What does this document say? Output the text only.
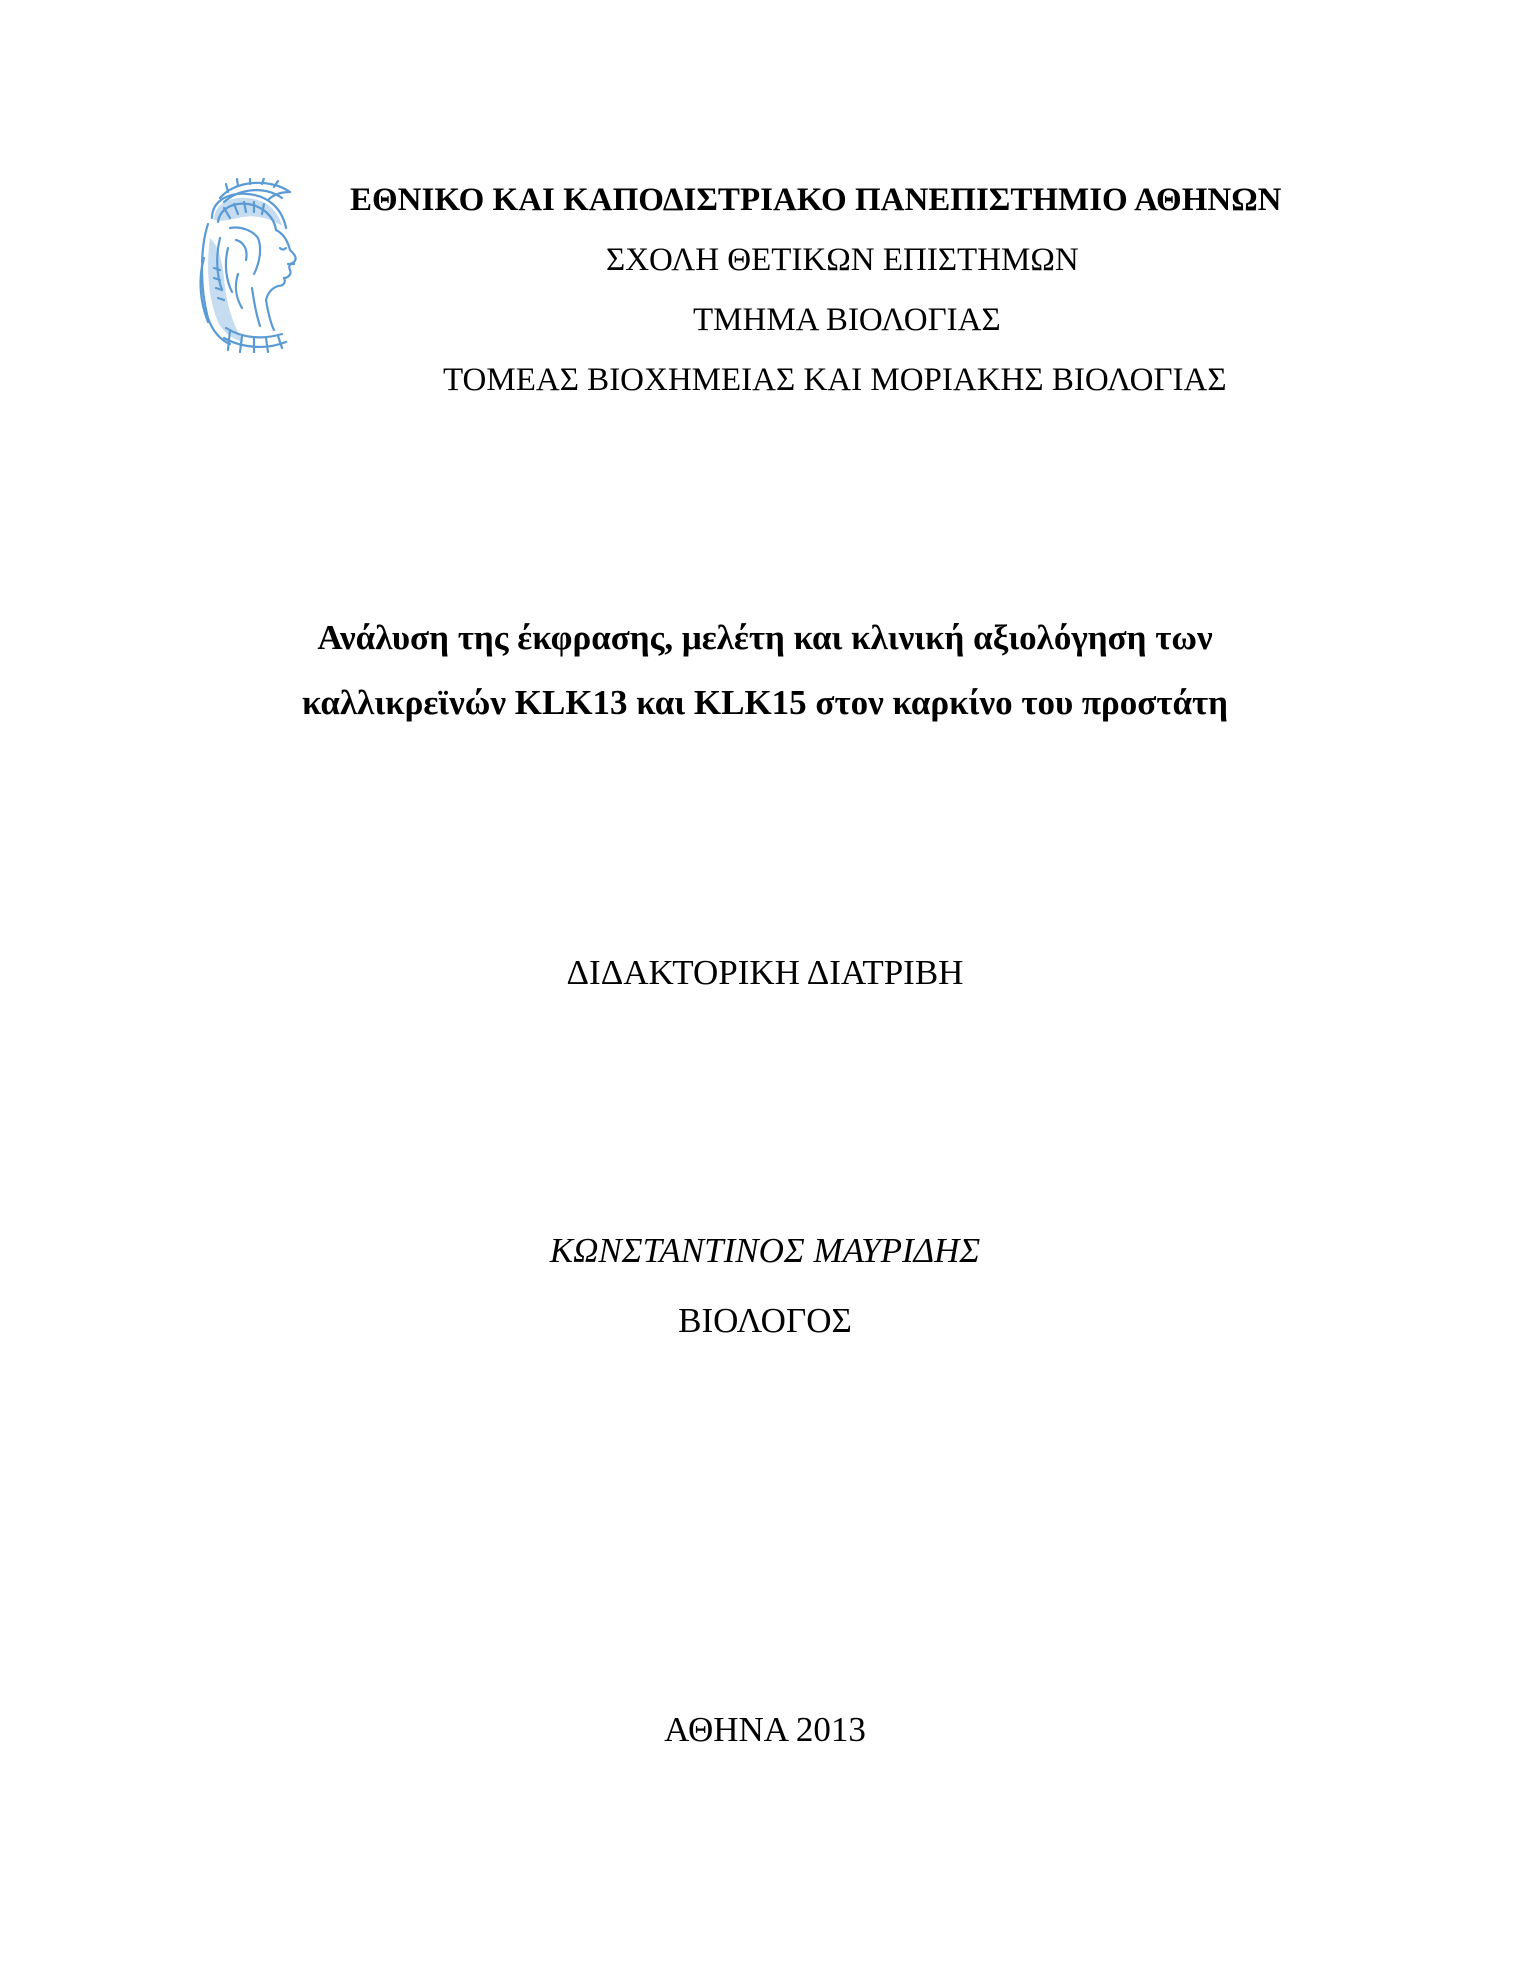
ΕΘΝΙΚΟ ΚΑΙ ΚΑΠΟΔΙΣΤΡΙΑΚΟ ΠΑΝΕΠΙΣΤΗΜΙΟ ΑΘΗΝΩΝ
ΣΧΟΛΗ ΘΕΤΙΚΩΝ ΕΠΙΣΤΗΜΩΝ
ΤΜΗΜΑ ΒΙΟΛΟΓΙΑΣ
ΤΟΜΕΑΣ ΒΙΟΧΗΜΕΙΑΣ ΚΑΙ ΜΟΡΙΑΚΗΣ ΒΙΟΛΟΓΙΑΣ
Ανάλυση της έκφρασης, μελέτη και κλινική αξιολόγηση των
καλλικρεϊνών KLK13 και KLK15 στον καρκίνο του προστάτη
ΔΙΔΑΚΤΟΡΙΚΗ ΔΙΑΤΡΙΒΗ
ΚΩΝΣΤΑΝΤΙΝΟΣ ΜΑΥΡΙΔΗΣ
ΒΙΟΛΟΓΟΣ
ΑΘΗΝΑ 2013
